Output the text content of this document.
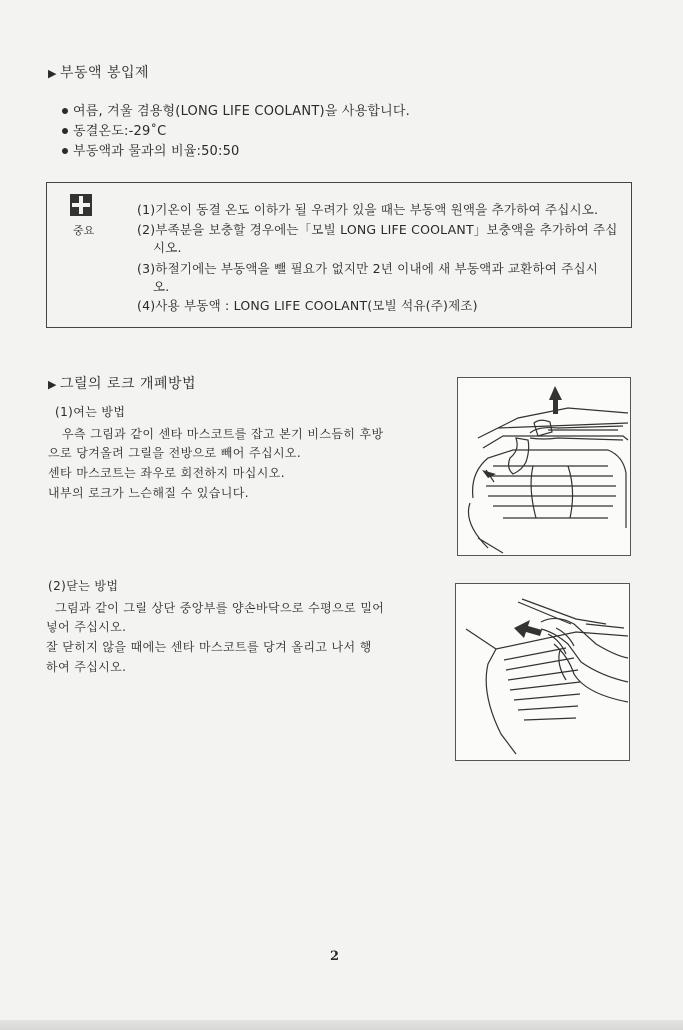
▶ 부동액 봉입제
여름, 겨울 겸용형(LONG LIFE COOLANT)을 사용합니다.
동결온도:-29˚C
부동액과 물과의 비율:50:50
중요
(1)기온이 동결 온도 이하가 될 우려가 있을 때는 부동액 원액을 추가하여 주십시오.
(2)부족분을 보충할 경우에는「모빌 LONG LIFE COOLANT」보충액을 추가하여 주십
시오.
(3)하절기에는 부동액을 뺄 필요가 없지만 2년 이내에 새 부동액과 교환하여 주십시
오.
(4)사용 부동액 : LONG LIFE COOLANT(모빌 석유(주)제조)
▶ 그릴의 로크 개폐방법
(1)여는 방법
우측 그림과 같이 센타 마스코트를 잡고 본기 비스듬히 후방
으로 당겨올려 그릴을 전방으로 빼어 주십시오.
센타 마스코트는 좌우로 회전하지 마십시오.
내부의 로크가 느슨해질 수 있습니다.
(2)닫는 방법
그림과 같이 그릴 상단 중앙부를 양손바닥으로 수평으로 밀어
넣어 주십시오.
잘 닫히지 않을 때에는 센타 마스코트를 당겨 올리고 나서 행
하여 주십시오.
2
